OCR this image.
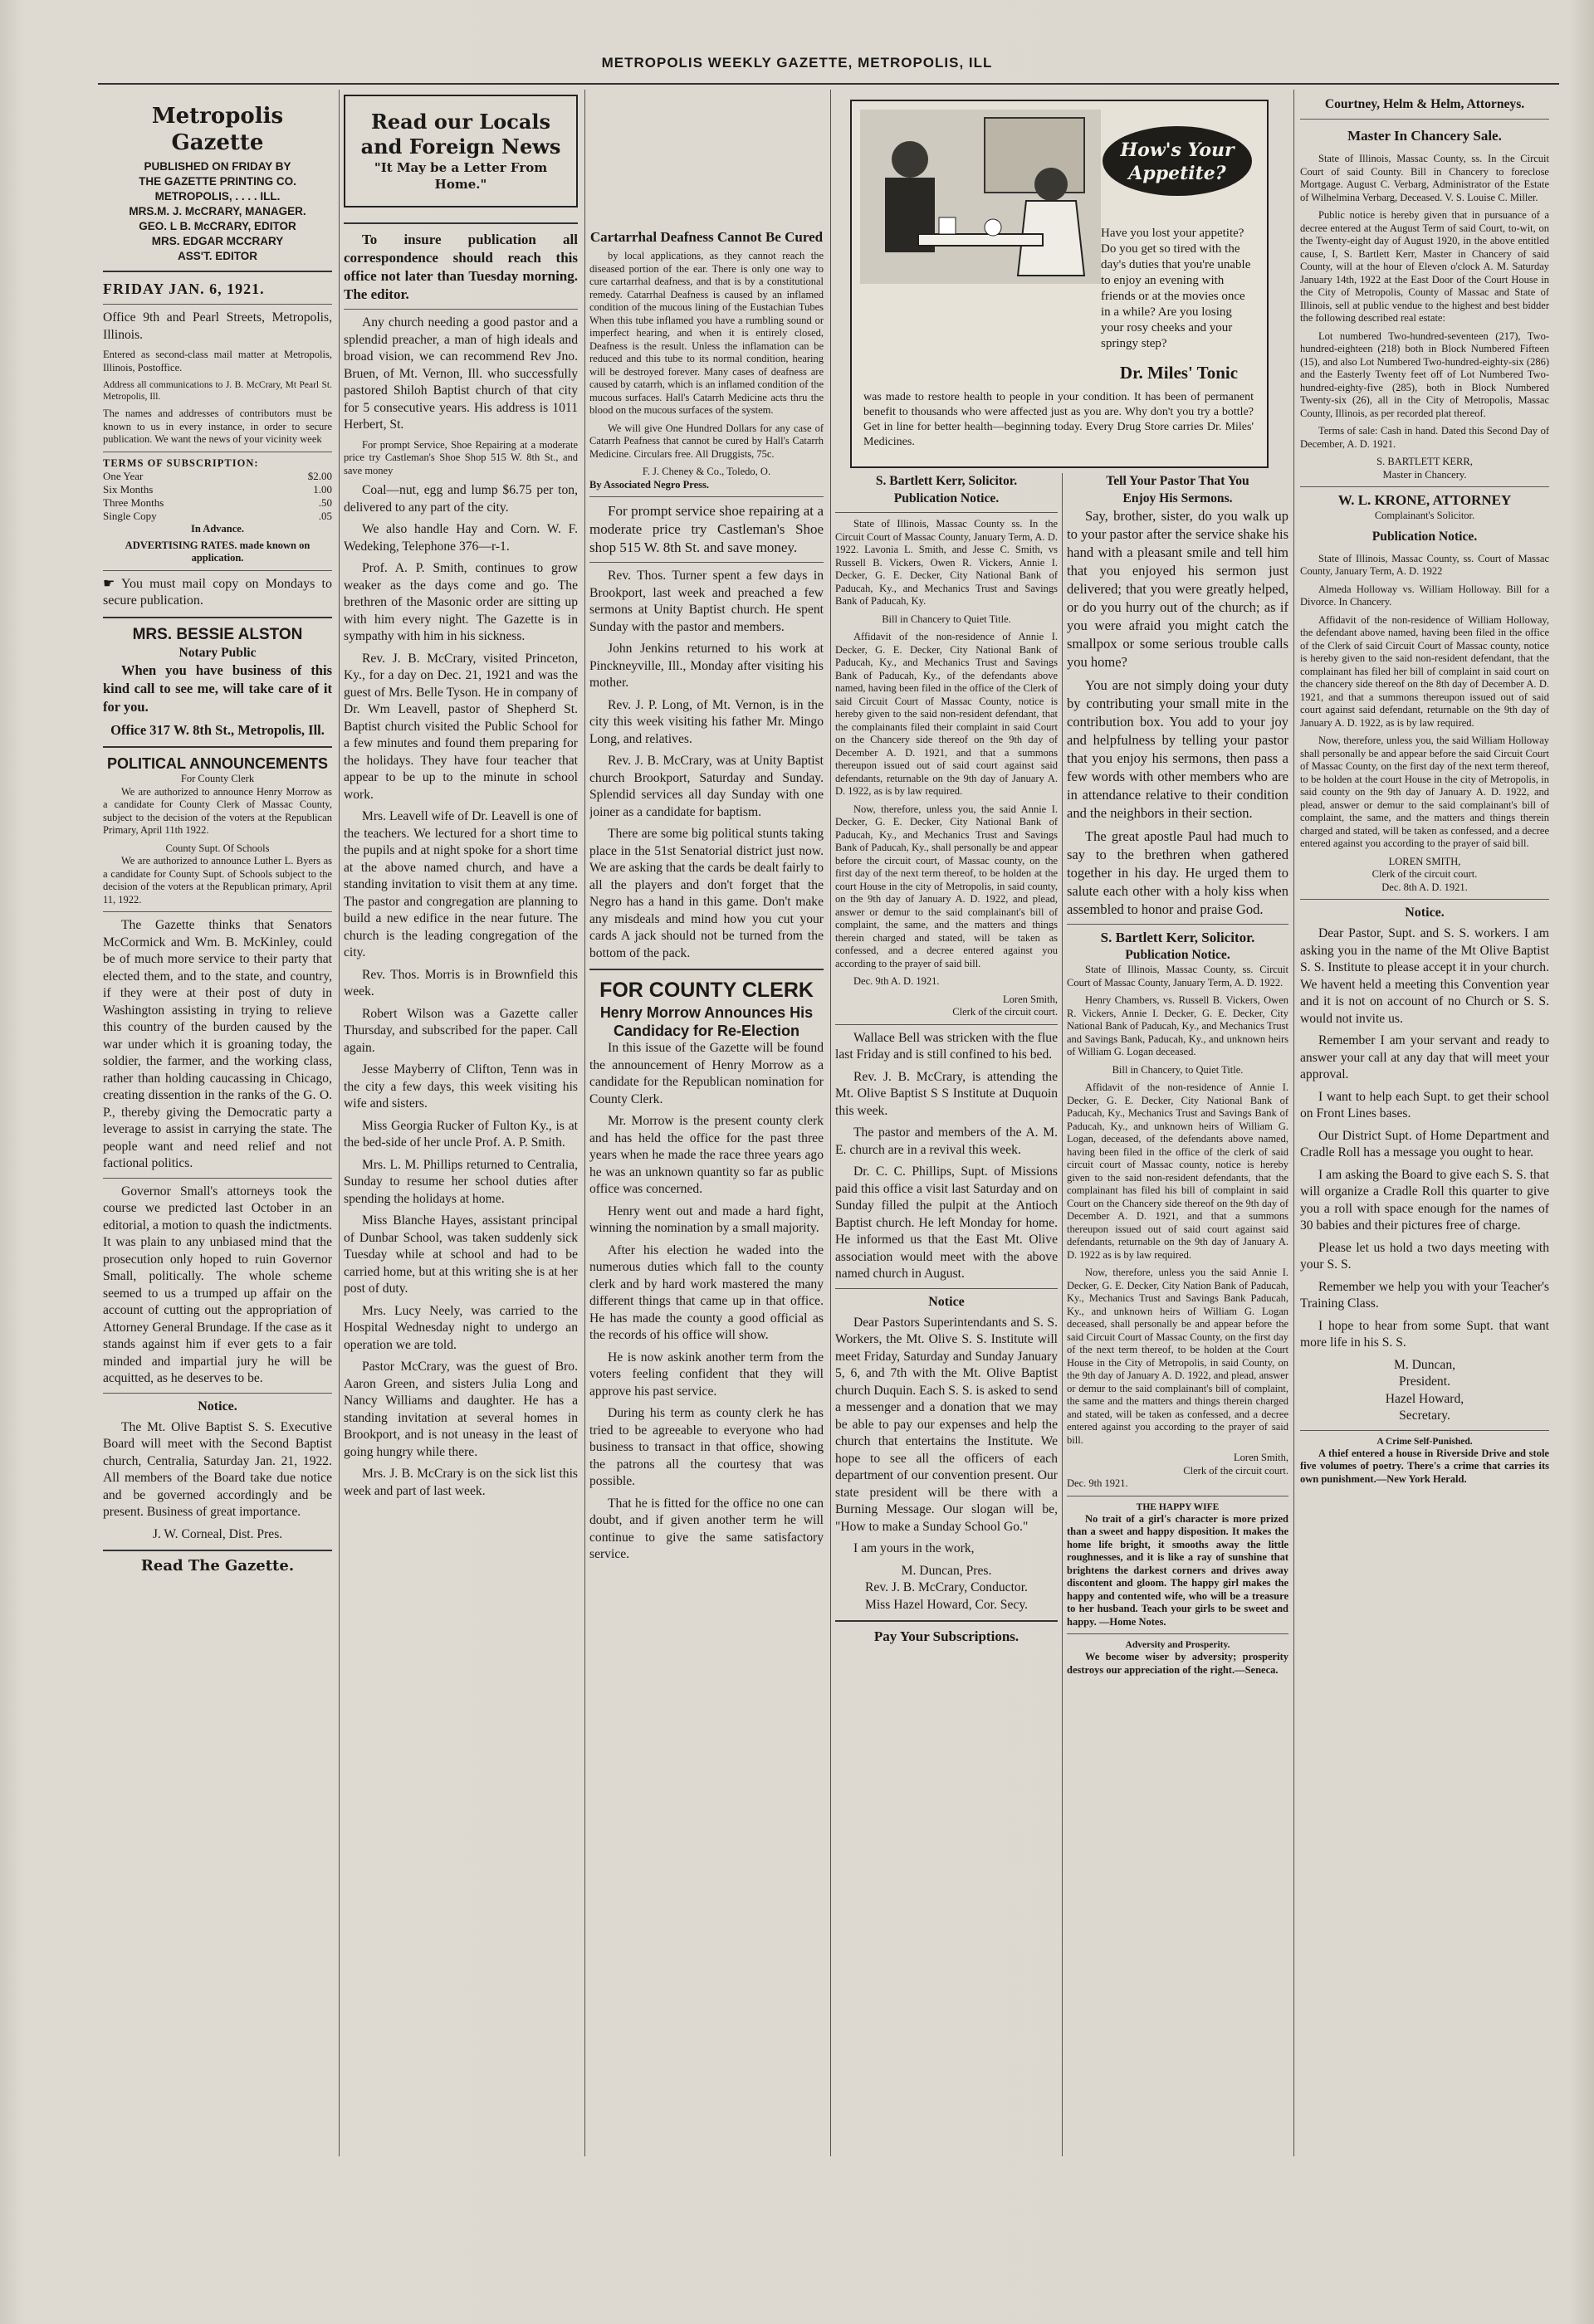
METROPOLIS WEEKLY GAZETTE, METROPOLIS, ILL
Metropolis Gazette
PUBLISHED ON FRIDAY BY
THE GAZETTE PRINTING CO.
METROPOLIS, . . . . ILL.
MRS.M. J. McCRARY, MANAGER.
GEO. L B. McCRARY, EDITOR
MRS. EDGAR MCCRARY
ASS'T. EDITOR
FRIDAY JAN. 6, 1921.

Office 9th and Pearl Streets, Metropolis, Illinois.

Entered as second-class mail matter at Metropolis, Illinois, Postoffice.

Address all communications to J. B. McCrary, Mt Pearl St. Metropolis, Ill.

The names and addresses of contributors must be known to us in every instance, in order to secure publication. We want the news of your vicinity week

TERMS OF SUBSCRIPTION:
One Year	$2.00
Six Months	1.00
Three Months	.50
Single Copy	.05
In Advance.
ADVERTISING RATES. made known on application.

☛ You must mail copy on Mondays to secure publication.

MRS. BESSIE ALSTON
Notary Public

When you have business of this kind call to see me, will take care of it for you.

Office 317 W. 8th St., Metropolis, Ill.
POLITICAL ANNOUNCEMENTS
For County Clerk

We are authorized to announce Henry Morrow as a candidate for County Clerk of Massac County, subject to the decision of the voters at the Republican Primary, April 11th 1922.

County Supt. Of Schools

We are authorized to announce Luther L. Byers as a candidate for County Supt. of Schools subject to the decision of the voters at the Republican primary, April 11, 1922.

The Gazette thinks that Senators McCormick and Wm. B. McKinley, could be of much more service to their party that elected them, and to the state, and country, if they were at their post of duty in Washington assisting in trying to relieve this country of the burden caused by the war under which it is groaning today, the soldier, the farmer, and the working class, rather than holding caucassing in Chicago, creating dissention in the ranks of the G. O. P., thereby giving the Democratic party a leverage to assist in carrying the state. The people want and need relief and not factional politics.

Governor Small's attorneys took the course we predicted last October in an editorial, a motion to quash the indictments. It was plain to any unbiased mind that the prosecution only hoped to ruin Governor Small, politically. The whole scheme seemed to us a trumped up affair on the account of cutting out the appropriation of Attorney General Brundage. If the case as it stands against him if ever gets to a fair minded and impartial jury he will be acquitted, as he deserves to be.

Notice.

The Mt. Olive Baptist S. S. Executive Board will meet with the Second Baptist church, Centralia, Saturday Jan. 21, 1922. All members of the Board take due notice and be governed accordingly and be present. Business of great importance.

J. W. Corneal, Dist. Pres.
Read The Gazette.
Read our Locals and Foreign News
"It May be a Letter From Home."

To insure publication all correspondence should reach this office not later than Tuesday morning. The editor.

Any church needing a good pastor and a splendid preacher, a man of high ideals and broad vision, we can recommend Rev Jno. Bruen, of Mt. Vernon, Ill. who successfully pastored Shiloh Baptist church of that city for 5 consecutive years. His address is 1011 Herbert, St.

For prompt Service, Shoe Repairing at a moderate price try Castleman's Shoe Shop 515 W. 8th St., and save money

Coal—nut, egg and lump $6.75 per ton, delivered to any part of the city.

We also handle Hay and Corn. W. F. Wedeking, Telephone 376—r-1.

Prof. A. P. Smith, continues to grow weaker as the days come and go. The brethren of the Masonic order are sitting up with him every night. The Gazette is in sympathy with him in his sickness.

Rev. J. B. McCrary, visited Princeton, Ky., for a day on Dec. 21, 1921 and was the guest of Mrs. Belle Tyson. He in company of Dr. Wm Leavell, pastor of Shepherd St. Baptist church visited the Public School for a few minutes and found them preparing for the holidays. They have four teacher that appear to be up to the minute in school work.

Mrs. Leavell wife of Dr. Leavell is one of the teachers. We lectured for a short time to the pupils and at night spoke for a short time at the above named church, and have a standing invitation to visit them at any time. The pastor and congregation are planning to build a new edifice in the near future. The church is the leading congregation of the city.

Rev. Thos. Morris is in Brownfield this week.

Robert Wilson was a Gazette caller Thursday, and subscribed for the paper. Call again.

Jesse Mayberry of Clifton, Tenn was in the city a few days, this week visiting his wife and sisters.

Miss Georgia Rucker of Fulton Ky., is at the bed-side of her uncle Prof. A. P. Smith.

Mrs. L. M. Phillips returned to Centralia, Sunday to resume her school duties after spending the holidays at home.

Miss Blanche Hayes, assistant principal of Dunbar School, was taken suddenly sick Tuesday while at school and had to be carried home, but at this writing she is at her post of duty.

Mrs. Lucy Neely, was carried to the Hospital Wednesday night to undergo an operation we are told.

Pastor McCrary, was the guest of Bro. Aaron Green, and sisters Julia Long and Nancy Williams and daughter. He has a standing invitation at several homes in Brookport, and is not uneasy in the least of going hungry while there.

Mrs. J. B. McCrary is on the sick list this week and part of last week.

Cartarrhal Deafness Cannot Be Cured

by local applications, as they cannot reach the diseased portion of the ear. There is only one way to cure cartarrhal deafness, and that is by a constitutional remedy. Catarrhal Deafness is caused by an inflamed condition of the mucous lining of the Eustachian Tubes When this tube inflamed you have a rumbling sound or imperfect hearing, and when it is entirely closed, Deafness is the result. Unless the inflamation can be reduced and this tube to its normal condition, hearing will be destroyed forever. Many cases of deafness are caused by catarrh, which is an inflamed condition of the mucous surfaces. Hall's Catarrh Medicine acts thru the blood on the mucous surfaces of the system.

We will give One Hundred Dollars for any case of Catarrh Peafness that cannot be cured by Hall's Catarrh Medicine. Circulars free. All Druggists, 75c.

F. J. Cheney & Co., Toledo, O.
By Associated Negro Press.

For prompt service shoe repairing at a moderate price try Castleman's Shoe shop 515 W. 8th St. and save money.

Rev. Thos. Turner spent a few days in Brookport, last week and preached a few sermons at Unity Baptist church. He spent Sunday with the pastor and members.

John Jenkins returned to his work at Pinckneyville, Ill., Monday after visiting his mother.

Rev. J. P. Long, of Mt. Vernon, is in the city this week visiting his father Mr. Mingo Long, and relatives.

Rev. J. B. McCrary, was at Unity Baptist church Brookport, Saturday and Sunday. Splendid services all day Sunday with one joiner as a candidate for baptism.

There are some big political stunts taking place in the 51st Senatorial district just now. We are asking that the cards be dealt fairly to all the players and don't forget that the Negro has a hand in this game. Don't make any misdeals and mind how you cut your cards A jack should not be turned from the bottom of the pack.

FOR COUNTY CLERK
Henry Morrow Announces His Candidacy for Re-Election

In this issue of the Gazette will be found the announcement of Henry Morrow as a candidate for the Republican nomination for County Clerk.

Mr. Morrow is the present county clerk and has held the office for the past three years when he made the race three years ago he was an unknown quantity so far as public office was concerned.

Henry went out and made a hard fight, winning the nomination by a small majority.

After his election he waded into the numerous duties which fall to the county clerk and by hard work mastered the many different things that came up in that office. He has made the county a good official as the records of his office will show.

He is now askink another term from the voters feeling confident that they will approve his past service.

During his term as county clerk he has tried to be agreeable to everyone who had business to transact in that office, showing the patrons all the courtesy that was possible.

That he is fitted for the office no one can doubt, and if given another term he will continue to give the same satisfactory service.

How's Your
Appetite?
Have you lost your appetite? Do you get so tired with the day's duties that you're unable to enjoy an evening with friends or at the movies once in a while? Are you losing your rosy cheeks and your springy step?
Dr. Miles' Tonic
was made to restore health to people in your condition. It has been of permanent benefit to thousands who were affected just as you are. Why don't you try a bottle? Get in line for better health—beginning today. Every Drug Store carries Dr. Miles' Medicines.
S. Bartlett Kerr, Solicitor.
Publication Notice.

State of Illinois, Massac County ss. In the Circuit Court of Massac County, January Term, A. D. 1922. Lavonia L. Smith, and Jesse C. Smith, vs Russell B. Vickers, Owen R. Vickers, Annie I. Decker, G. E. Decker, City National Bank of Paducah, Ky., and Mechanics Trust and Savings Bank of Paducah, Ky.

Bill in Chancery to Quiet Title.

Affidavit of the non-residence of Annie I. Decker, G. E. Decker, City National Bank of Paducah, Ky., and Mechanics Trust and Savings Bank of Paducah, Ky., of the defendants above named, having been filed in the office of the Clerk of said Circuit Court of Massac County, notice is hereby given to the said non-resident defendant, that the complainants filed their complaint in said Court on the Chancery side thereof on the 9th day of December A. D. 1921, and that a summons thereupon issued out of said court against said defendants, returnable on the 9th day of January A. D. 1922, as is by law required.

Now, therefore, unless you, the said Annie I. Decker, G. E. Decker, City National Bank of Paducah, Ky., and Mechanics Trust and Savings Bank of Paducah, Ky., shall personally be and appear before the circuit court, of Massac county, on the first day of the next term thereof, to be holden at the court House in the city of Metropolis, in said county, on the 9th day of January A. D. 1922, and plead, answer or demur to the said complainant's bill of complaint, the same, and the matters and things therein charged and stated, will be taken as confessed, and a decree entered against you according to the prayer of said bill.

Dec. 9th A. D. 1921.

Loren Smith,
Clerk of the circuit court.

Wallace Bell was stricken with the flue last Friday and is still confined to his bed.

Rev. J. B. McCrary, is attending the Mt. Olive Baptist S S Institute at Duquoin this week.

The pastor and members of the A. M. E. church are in a revival this week.

Dr. C. C. Phillips, Supt. of Missions paid this office a visit last Saturday and on Sunday filled the pulpit at the Antioch Baptist church. He left Monday for home. He informed us that the East Mt. Olive association would meet with the above named church in August.

Notice

Dear Pastors Superintendants and S. S. Workers, the Mt. Olive S. S. Institute will meet Friday, Saturday and Sunday January 5, 6, and 7th with the Mt. Olive Baptist church Duquin. Each S. S. is asked to send a messenger and a donation that we may be able to pay our expenses and help the church that entertains the Institute. We hope to see all the officers of each department of our convention present. Our state president will be there with a Burning Message. Our slogan will be, "How to make a Sunday School Go."

I am yours in the work,

M. Duncan, Pres.
Rev. J. B. McCrary, Conductor.
Miss Hazel Howard, Cor. Secy.
Pay Your Subscriptions.
Tell Your Pastor That You
Enjoy His Sermons.

Say, brother, sister, do you walk up to your pastor after the service shake his hand with a pleasant smile and tell him that you enjoyed his sermon just delivered; that you were greatly helped, or do you hurry out of the church; as if you were afraid you might catch the smallpox or some serious trouble calls you home?

You are not simply doing your duty by contributing your small mite in the contribution box. You add to your joy and helpfulness by telling your pastor that you enjoy his sermons, then pass a few words with other members who are in attendance relative to their condition and the neighbors in their section.

The great apostle Paul had much to say to the brethren when gathered together in his day. He urged them to salute each other with a holy kiss when assembled to honor and praise God.

S. Bartlett Kerr, Solicitor.
Publication Notice.

State of Illinois, Massac County, ss. Circuit Court of Massac County, January Term, A. D. 1922.

Henry Chambers, vs. Russell B. Vickers, Owen R. Vickers, Annie I. Decker, G. E. Decker, City National Bank of Paducah, Ky., and Mechanics Trust and Savings Bank, Paducah, Ky., and unknown heirs of William G. Logan deceased.

Bill in Chancery, to Quiet Title.

Affidavit of the non-residence of Annie I. Decker, G. E. Decker, City National Bank of Paducah, Ky., Mechanics Trust and Savings Bank of Paducah, Ky., and unknown heirs of William G. Logan, deceased, of the defendants above named, having been filed in the office of the clerk of said circuit court of Massac county, notice is hereby given to the said non-resident defendants, that the complainant has filed his bill of complaint in said Court on the Chancery side thereof on the 9th day of December A. D. 1921, and that a summons thereupon issued out of said court against said defendants, returnable on the 9th day of January A. D. 1922 as is by law required.

Now, therefore, unless you the said Annie I. Decker, G. E. Decker, City Nation Bank of Paducah, Ky., Mechanics Trust and Savings Bank Paducah, Ky., and unknown heirs of William G. Logan deceased, shall personally be and appear before the said Circuit Court of Massac County, on the first day of the next term thereof, to be holden at the Court House in the City of Metropolis, in said County, on the 9th day of January A. D. 1922, and plead, answer or demur to the said complainant's bill of complaint, the same and the matters and things therein charged and stated, will be taken as confessed, and a decree entered against you according to the prayer of said bill.

Loren Smith,
Clerk of the circuit court.
Dec. 9th 1921.
THE HAPPY WIFE

No trait of a girl's character is more prized than a sweet and happy disposition. It makes the home life bright, it smooths away the little roughnesses, and it is like a ray of sunshine that brightens the darkest corners and drives away discontent and gloom. The happy girl makes the happy and contented wife, who will be a treasure to her husband. Teach your girls to be sweet and happy. —Home Notes.

Adversity and Prosperity.

We become wiser by adversity; prosperity destroys our appreciation of the right.—Seneca.

Courtney, Helm & Helm, Attorneys.
Master In Chancery Sale.

State of Illinois, Massac County, ss. In the Circuit Court of said County. Bill in Chancery to foreclose Mortgage. August C. Verbarg, Administrator of the Estate of Wilhelmina Verbarg, Deceased. V. S. Louise C. Miller.

Public notice is hereby given that in pursuance of a decree entered at the August Term of said Court, to-wit, on the Twenty-eight day of August 1920, in the above entitled cause, I, S. Bartlett Kerr, Master in Chancery of said County, will at the hour of Eleven o'clock A. M. Saturday January 14th, 1922 at the East Door of the Court House in the City of Metropolis, County of Massac and State of Illinois, sell at public vendue to the highest and best bidder the following described real estate:

Lot numbered Two-hundred-seventeen (217), Two-hundred-eighteen (218) both in Block Numbered Fifteen (15), and also Lot Numbered Two-hundred-eighty-six (286) and the Easterly Twenty feet off of Lot Numbered Two-hundred-eighty-five (285), both in Block Numbered Twenty-six (26), all in the City of Metropolis, Massac County, Illinois, as per recorded plat thereof.

Terms of sale: Cash in hand. Dated this Second Day of December, A. D. 1921.

S. BARTLETT KERR,
Master in Chancery.
W. L. KRONE, ATTORNEY
Complainant's Solicitor.
Publication Notice.

State of Illinois, Massac County, ss. Court of Massac County, January Term, A. D. 1922

Almeda Holloway vs. William Holloway. Bill for a Divorce. In Chancery.

Affidavit of the non-residence of William Holloway, the defendant above named, having been filed in the office of the Clerk of said Circuit Court of Massac county, notice is hereby given to the said non-resident defendant, that the complainant has filed her bill of complaint in said court on the chancery side thereof on the 8th day of December A. D. 1921, and that a summons thereupon issued out of said court against said defendant, returnable on the 9th day of January A. D. 1922, as is by law required.

Now, therefore, unless you, the said William Holloway shall personally be and appear before the said Circuit Court of Massac County, on the first day of the next term thereof, to be holden at the court House in the city of Metropolis, in said county on the 9th day of January A. D. 1922, and plead, answer or demur to the said complainant's bill of complaint, the same, and the matters and things therein charged and stated, will be taken as confessed, and a decree entered against you according to the prayer of said bill.

LOREN SMITH,
Clerk of the circuit court.
Dec. 8th A. D. 1921.
Notice.

Dear Pastor, Supt. and S. S. workers. I am asking you in the name of the Mt Olive Baptist S. S. Institute to please accept it in your church. We havent held a meeting this Convention year and it is not on account of no Church or S. S. would not invite us.

Remember I am your servant and ready to answer your call at any day that will meet your approval.

I want to help each Supt. to get their school on Front Lines bases.

Our District Supt. of Home Department and Cradle Roll has a message you ought to hear.

I am asking the Board to give each S. S. that will organize a Cradle Roll this quarter to give you a roll with space enough for the names of 30 babies and their pictures free of charge.

Please let us hold a two days meeting with your S. S.

Remember we help you with your Teacher's Training Class.

I hope to hear from some Supt. that want more life in his S. S.

M. Duncan,
President.
Hazel Howard,
Secretary.
A Crime Self-Punished.

A thief entered a house in Riverside Drive and stole five volumes of poetry. There's a crime that carries its own punishment.—New York Herald.
